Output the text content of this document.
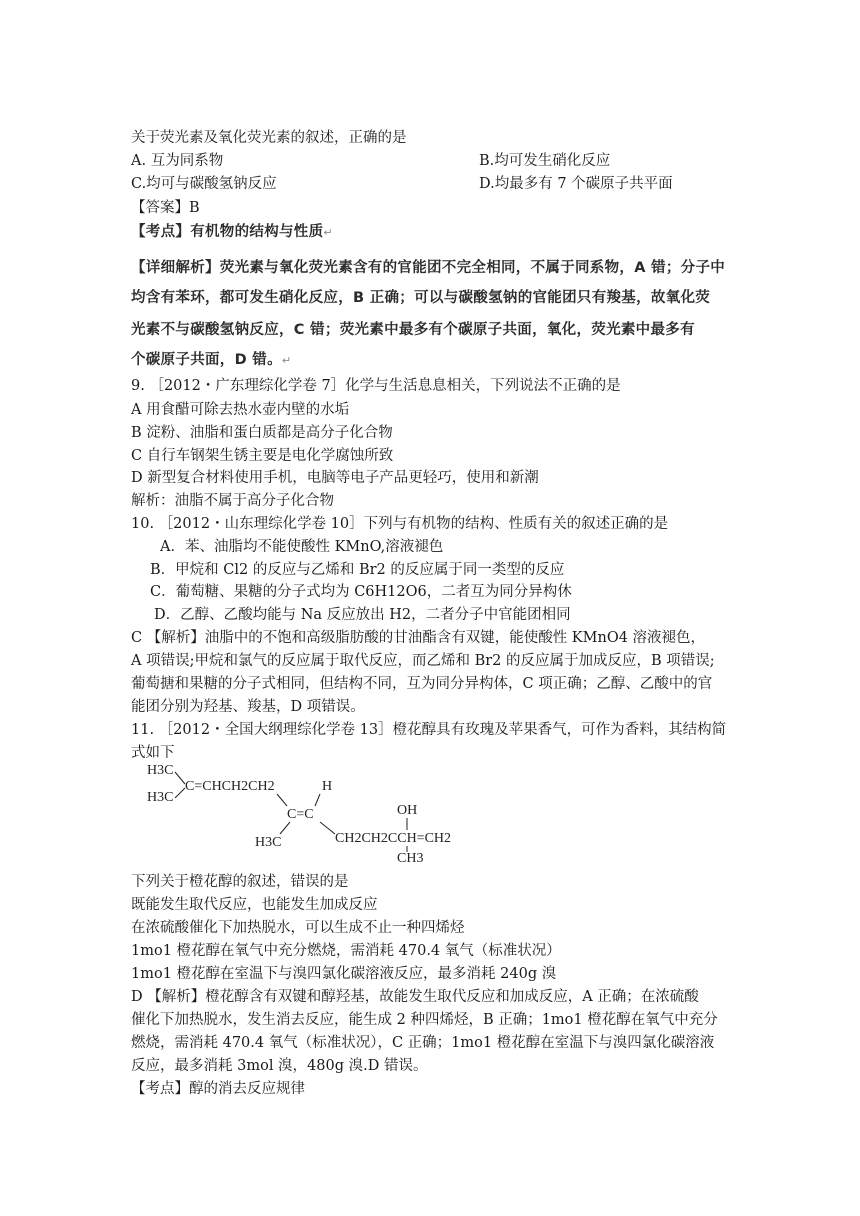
关于荧光素及氧化荧光素的叙述，正确的是
A. 互为同系物	B.均可发生硝化反应
C.均可与碳酸氢钠反应	D.均最多有 7 个碳原子共平面
【答案】B
【考点】有机物的结构与性质↵
【详细解析】荧光素与氧化荧光素含有的官能团不完全相同，不属于同系物，A 错；分子中
均含有苯环，都可发生硝化反应，B 正确；可以与碳酸氢钠的官能团只有羧基，故氧化荧
光素不与碳酸氢钠反应，C 错；荧光素中最多有个碳原子共面，氧化，荧光素中最多有
个碳原子共面，D 错。↵
9. ［2012・广东理综化学卷 7］化学与生活息息相关，下列说法不正确的是
A 用食醋可除去热水壶内壁的水垢
B 淀粉、油脂和蛋白质都是高分子化合物
C 自行车钢架生锈主要是电化学腐蚀所致
D 新型复合材料使用手机，电脑等电子产品更轻巧，使用和新潮
解析：油脂不属于高分子化合物
10. ［2012・山东理综化学卷 10］下列与有机物的结构、性质有关的叙述正确的是
A．苯、油脂均不能使酸性 KMnO,溶液褪色
B．甲烷和 Cl2 的反应与乙烯和 Br2 的反应属于同一类型的反应
C．葡萄糖、果糖的分子式均为 C6H12O6，二者互为同分异构休
D．乙醇、乙酸均能与 Na 反应放出 H2，二者分子中官能团相同
C 【解析】油脂中的不饱和高级脂肪酸的甘油酯含有双键，能使酸性 KMnO4 溶液褪色，
A 项错误;甲烷和氯气的反应属于取代反应，而乙烯和 Br2 的反应属于加成反应，B 项错误;
葡萄搪和果糖的分子式相同，但结构不同，互为同分异构体，C 项正确；乙醇、乙酸中的官
能团分别为羟基、羧基，D 项错误。
11. ［2012・全国大纲理综化学卷 13］橙花醇具有玫瑰及苹果香气，可作为香料，其结构简
式如下
H3C
H3C
C=CHCH2CH2	H
C=C
H3C
OH
CH2CH2CCH=CH2
CH3
下列关于橙花醇的叙述，错误的是
既能发生取代反应，也能发生加成反应
在浓硫酸催化下加热脱水，可以生成不止一种四烯烃
1mo1 橙花醇在氧气中充分燃烧，需消耗 470.4 氧气（标准状况）
1mo1 橙花醇在室温下与溴四氯化碳溶液反应，最多消耗 240g 溴
D 【解析】橙花醇含有双键和醇羟基，故能发生取代反应和加成反应，A 正确；在浓硫酸
催化下加热脱水，发生消去反应，能生成 2 种四烯烃，B 正确；1mo1 橙花醇在氧气中充分
燃烧，需消耗 470.4 氧气（标准状况），C 正确；1mo1 橙花醇在室温下与溴四氯化碳溶液
反应，最多消耗 3mol 溴，480g 溴.D 错误。
【考点】醇的消去反应规律
